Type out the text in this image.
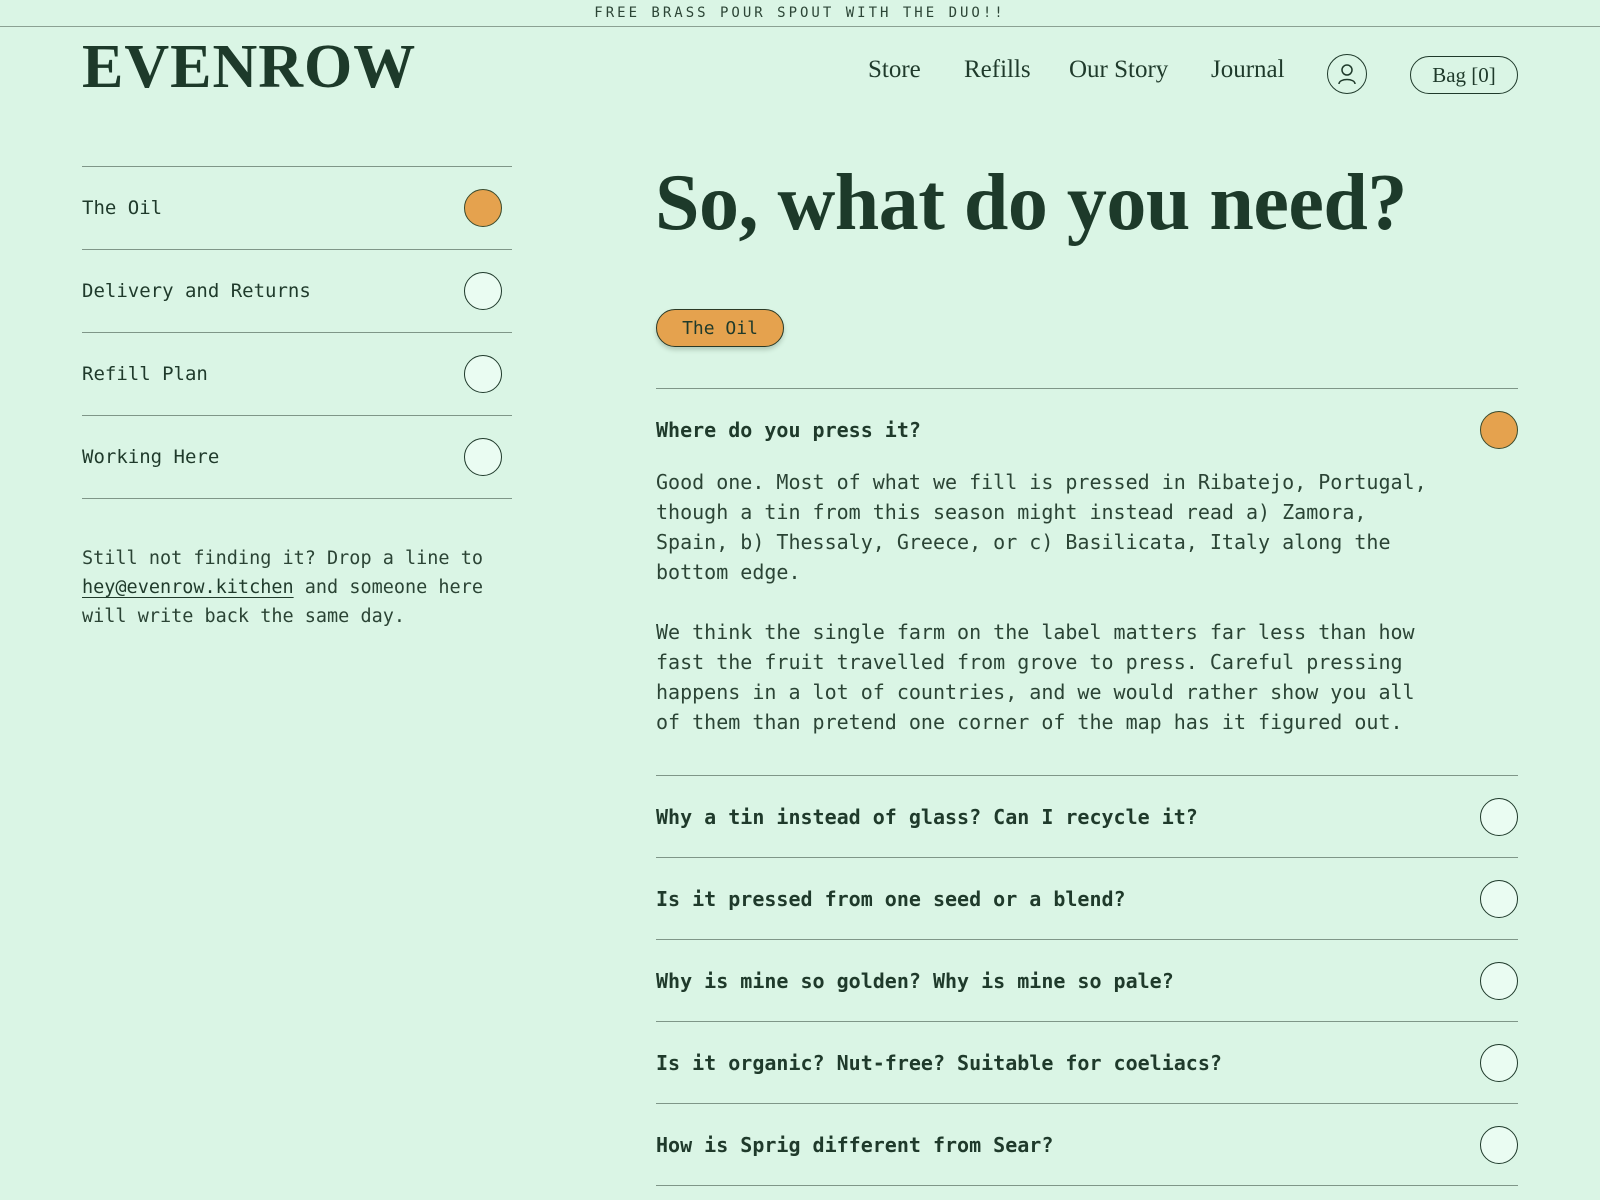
FREE BRASS POUR SPOUT WITH THE DUO!!
EVENROW	Store Refills Our Story Journal	Bag [0]
The Oil
Delivery and Returns
Refill Plan
Working Here

Still not finding it? Drop a line to hey@evenrow.kitchen and someone here will write back the same day.

So, what do you need?
The Oil
Where do you press it?

Good one. Most of what we fill is pressed in Ribatejo, Portugal, though a tin from this season might instead read a) Zamora, Spain, b) Thessaly, Greece, or c) Basilicata, Italy along the bottom edge.

We think the single farm on the label matters far less than how fast the fruit travelled from grove to press. Careful pressing happens in a lot of countries, and we would rather show you all of them than pretend one corner of the map has it figured out.

Why a tin instead of glass? Can I recycle it?
Is it pressed from one seed or a blend?
Why is mine so golden? Why is mine so pale?
Is it organic? Nut-free? Suitable for coeliacs?
How is Sprig different from Sear?
